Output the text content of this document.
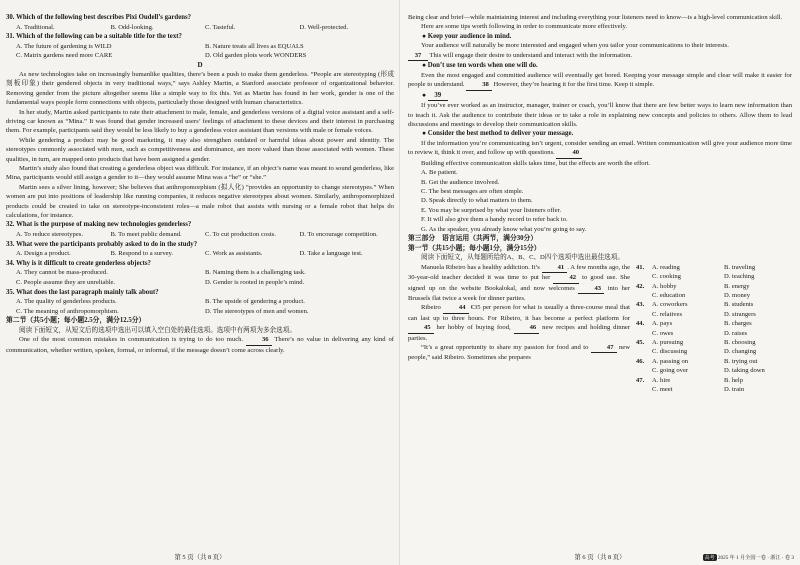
30. Which of the following best describes Pixi Oudell’s gardens?
A. Traditional.	B. Odd-looking.	C. Tasteful.	D. Well-protected.
31. Which of the following can be a suitable title for the text?
A. The future of gardening is WILD	B. Nature treats all lives as EQUALS
C. Matrix gardens need more CARE	D. Old garden plots work WONDERS
D

As new technologies take on increasingly humanlike qualities, there’s been a push to make them genderless. “People are stereotyping (形成刻板印象) their gendered objects in very traditional ways,” says Ashley Martin, a Stanford associate professor of organizational behavior. Removing gender from the picture altogether seems like a simple way to fix this. Yet as Martin has found in her work, gender is one of the fundamental ways people form connections with objects, particularly those designed with human characteristics.

In her study, Martin asked participants to rate their attachment to male, female, and genderless versions of a digital voice assistant and a self-driving car known as “Mina.” It was found that gender increased users’ feelings of attachment to these devices and their interest in purchasing them. For example, participants said they would be less likely to buy a genderless voice assistant than versions with male or female voices.

While gendering a product may be good marketing, it may also strengthen outdated or harmful ideas about power and identity. The stereotypes commonly associated with men, such as competitiveness and dominance, are more valued than those associated with women. These qualities, in turn, are mapped onto products that have been assigned a gender.

Martin’s study also found that creating a genderless object was difficult. For instance, if an object’s name was meant to sound genderless, like Mina, participants would still assign a gender to it—they would assume Mina was a “he” or “she.”

Martin sees a silver lining, however; She believes that anthropomorphism (拟人化) “provides an opportunity to change stereotypes.” When women are put into positions of leadership like running companies, it reduces negative stereotypes about women. Similarly, anthropomorphized products could be created to take on stereotype-inconsistent roles—a male robot that assists with nursing or a female robot that helps do calculations, for instance.

32. What is the purpose of making new technologies genderless?
A. To reduce stereotypes.	B. To meet public demand.	C. To cut production costs.	D. To encourage competition.
33. What were the participants probably asked to do in the study?
A. Design a product.	B. Respond to a survey.	C. Work as assistants.	D. Take a language test.
34. Why is it difficult to create genderless objects?
A. They cannot be mass-produced.	B. Naming them is a challenging task.
C. People assume they are unreliable.	D. Gender is rooted in people’s mind.
35. What does the last paragraph mainly talk about?
A. The quality of genderless products.	B. The upside of gendering a product.
C. The meaning of anthropomorphism.	D. The stereotypes of men and women.
第二节（共5小题；每小题2.5分，满分12.5分）

阅读下面短文，从短文后的选项中选出可以填入空白处的最佳选项。选项中有两项为多余选项。

One of the most common mistakes in communication is trying to do too much.	36 There’s no value in delivering any kind of communication, whether written, spoken, formal, or informal, if the message doesn’t come across clearly.

第 5 页（共 8 页）

Being clear and brief—while maintaining interest and including everything your listeners need to know—is a high-level communication skill.

Here are some tips worth following in order to communicate more effectively.

● Keep your audience in mind.

Your audience will naturally be more interested and engaged when you tailor your communications to their interests.

37 This will engage their desire to understand and interact with the information.

● Don’t use ten words when one will do.

Even the most engaged and committed audience will eventually get bored. Keeping your message simple and clear will make it easier for people to understand.	38 However, they’re hearing it for the first time. Keep it simple.

● 39

If you’ve ever worked as an instructor, manager, trainer or coach, you’ll know that there are few better ways to learn new information than to teach it. Ask the audience to contribute their ideas or to take a role in explaining new concepts and policies to others. Allow them to lead discussions and meetings to develop their communication skills.

● Consider the best method to deliver your message.

If the information you’re communicating isn’t urgent, consider sending an email. Written communication will give your audience more time to review it, think it over, and follow up with questions.	40

Building effective communication skills takes time, but the effects are worth the effort.

A. Be patient.
B. Get the audience involved.
C. The best messages are often simple.
D. Speak directly to what matters to them.
E. You may be surprised by what your listeners offer.
F. It will also give them a handy record to refer back to.
G. As the speaker, you already know what you’re going to say.
第三部分　语言运用（共两节，满分30分）
第一节（共15小题；每小题1分，满分15分）

阅读下面短文，从每题所给的A、B、C、D四个选项中选出最佳选项。

Manuela Ribeiro has a healthy addiction. It’s	41 . A few months ago, the 30-year-old teacher decided it was time to put her	42 to good use. She signed up on the website Bookalokal, and now welcomes	43 into her Brussels flat twice a week for dinner parties.

Ribeiro	44 €35 per person for what is usually a three-course meal that can last up to three hours. For Ribeiro, it has become a perfect platform for 45 her hobby of buying food,	46 new recipes and holding dinner parties.

“It’s a great opportunity to share my passion for food and to	47 new people,” said Ribeiro. Sometimes she prepares

41.	A. reading	B. traveling
C. cooking	D. teaching
42.	A. hobby	B. energy
C. education	D. money
43.	A. coworkers	B. students
C. relatives	D. strangers
44.	A. pays	B. charges
C. owes	D. raises
45.	A. pursuing	B. choosing
C. discussing	D. changing
46.	A. passing on	B. trying out
C. going over	D. taking down
47.	A. hire	B. help
C. meet	D. train
第 6 页（共 8 页）	高考 2025 年 1 月全国一卷 · 浙江 · 卷 3
